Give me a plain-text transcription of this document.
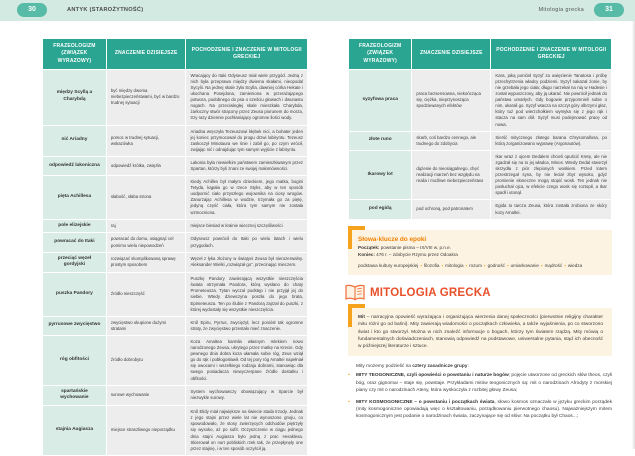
30	ANTYK (STAROŻYTNOŚĆ)	Mitologia grecka	31
FRAZEOLOGIZM (ZWIĄZEK WYRAZOWY)	ZNACZENIE DZISIEJSZE	POCHODZENIE I ZNACZENIE W MITOLOGII GRECKIEJ
między Scyllą a Charybdą	być między dwoma niebezpieczeństwami, być w bardzo trudnej sytuacji	Wracający do Itaki Odyseusz miał wiele przygód. Jedną z nich była przeprawa między dwiema skałami, nieopodal Sycylii. Na jednej skale żyła Scylla, dawniej córka Hekate i ukochana Posejdona, zamieniona w przerażającego potwora, podobnego do psa o sześciu głowach i dwunastu nogach. Na przeciwległej skale mieszkała Charybda, żarłoczny stwór strącony przez Zeusa piorunem do morza, trzy razy dziennie pochłaniający ogromne ilości wody.
nić Ariadny	pomoc w trudnej sytuacji, wskazówka	Ariadna wręczyła Tezeuszowi kłębek nici, a bohater jeden jej koniec przymocował do progu drzwi labiryntu. Tezeusz zaskoczył Minotaura we śnie i zabił go, po czym wrócił, zwijając nić i odnajdując tym samym wyjście z labiryntu.
odpowiedź lakoniczna	odpowiedź krótka, zwięzła	Lakonia była niewielkim państwem zamieszkiwanym przez Spartan, którzy byli znani ze swojej małomówności.
pięta Achillesa	słabość, słaba strona	Kiedy Achilles był małym dzieckiem, jego matka, bogini Tetyda, kąpała go w rzece Styks, aby w ten sposób uodpornić ciało przyszłego wojownika na ciosy wrogów. Zanurzając Achillesa w wodzie, trzymała go za piętę, jedyną część ciała, która tym samym nie została wzmocniona.
pole elizejskie	raj	miejsce biesiad w krainie wiecznej szczęśliwości
powracać do Itaki	powracać do domu, osiągnąć cel pomimo wielu niepowodzeń	Odyseusz powrócił do Itaki po wielu latach i wielu przygodach.
przeciąć węzeł gordyjski	rozwiązać skomplikowaną sprawę prostym sposobem	Węzeł z łyka złożony w świątyni Zeusa był nierozerwalny. Aleksander Wielki „rozwiązał go”, przecinając mieczem.
puszka Pandory	źródło nieszczęść	Puszkę Pandory zawierającą wszystkie nieszczęścia świata otrzymała Pandora, którą wysłano do chaty Prometeusza. Tytan wyczuł podstęp i nie przyjął jej do siebie. Wtedy dziewczyna poszła do jego brata, Epimeteusza. Ten po ślubie z Pandorą zajrzał do puszki, z której wydostały się wszystkie nieszczęścia.
pyrrusowe zwycięstwo	zwycięstwo okupione dużymi stratami	Król Epiru, Pyrrus, zwyciężył, lecz poniósł tak ogromne straty, że zwycięstwo przestało mieć znaczenie.
róg obfitości	źródło dobrobytu	Koza Amaltea karmiła własnym mlekiem nowo narodzonego Zeusa, ukrytego przez matkę na Krecie. Gdy pewnego dnia dobra koza ułamała sobie róg, Zeus wziął go do rąk i pobłogosławił. Od tej pory róg Amaltei napełniał się owocami i wszelkiego rodzaju dobrami, stanowiąc dla swego posiadacza niewyczerpane źródło dostatku i obfitości.
spartańskie wychowanie	surowe wychowanie	System wychowawczy obowiązujący w Sparcie był niezwykle surowy.
stajnia Augiasza	miejsce straszliwego nieporządku	Król Elidy miał największe na świecie stada trzody. Jednak z jego stajni przez wiele lat nie wynoszono gnoju, co spowodowało, że stosy zwierzęcych odchodów piętrzyły się wysoko, aż po sufit. Oczyszczenie w ciągu jednego dnia stajni Augiasza było jedną z prac Heraklesa. Skierował on nurt pobliskich rzek tak, że przepłynęły one przez stajnię, i w ten sposób oczyścił ją.
FRAZEOLOGIZM (ZWIĄZEK WYRAZOWY)	ZNACZENIE DZISIEJSZE	POCHODZENIE I ZNACZENIE W MITOLOGII GRECKIEJ
syzyfowa praca	praca bezsensowna, niekończąca się, ciężka, nieprzynosząca spodziewanych efektów	Kara, jaką poniósł Syzyf za uwięzienie Tanatosa i próbę przechytrzenia władcy podziemi. Syzyf nakazał żonie, by nie grzebała jego ciała; długo narzekał na nią w Hadesie i został wypuszczony, aby ją ukarać. Nie powrócił jednak do państwa umarłych. Gdy bogowie przypomnieli sobie o nim, ukarali go. Syzyf wtacza na szczyt góry olbrzymi głaz, który tuż pod wierzchołkiem wymyka się z jego rąk i stacza na sam dół. Syzyf musi podejmować pracę od nowa.
złote runo	skarb, coś bardzo cennego, ale trudnego do zdobycia	Sierść mitycznego złotego barana Chrysomallosa, po którą zorganizowano wyprawę (Argonautów).
Ikarowy lot	dążenie do nieosiągalnego, chęć realizacji marzeń bez względu na realia i możliwe niebezpieczeństwo	Ikar wraz z ojcem Dedalem chcieli opuścić Kretę, ale nie zgadzał się na to jej władca, Minos. Wtedy Dedal stworzył skrzydła z piór zlepionych woskiem. Przed lotem przestrzegał syna, by nie leciał zbyt wysoko, gdyż promienie słoneczne mogą stopić wosk. Ten jednak nie posłuchał ojca, w efekcie czego wosk się roztopił, a Ikar spadł i utonął.
pod egidą	pod ochroną, pod patronatem	Egida to tarcza Zeusa, która została zrobiona ze skóry kozy Amaltei.

Słowa-klucze do epoki

Początek: powstanie pisma – IX/VIII w. p.n.e.

Koniec: 476 r. – zdobycie Rzymu przez Odoakra

podstawa kultury europejskiej ▪ filozofia ▪ mitologia ▪ rozum ▪ godność ▪ umiarkowanie ▪ mądrość ▪ wiedza
MITOLOGIA GRECKA

Mit – narracyjna opowieść wyrażająca i organizująca wierzenia danej społeczności (pierwotnie religijny charakter mitu różni go od baśni). Mity zawierają wiadomości o początkach człowieka, a także wyjaśnienia, po co stworzono świat i kto go stworzył. Można w nich znaleźć informacje o bogach, którzy tym światem rządzą. Mity mówią o fundamentalnych doświadczeniach, stanowią odpowiedź na podstawowe, uniwersalne pytania, stąd ich obecność w późniejszej literaturze i sztuce.

Mity możemy podzielić na cztery zasadnicze grupy:

▪ MITY TEOGONICZNE, czyli opowieści o powstaniu i naturze bogów; pojęcie utworzone od greckich słów theos, czyli bóg, oraz gignomai – staje się, powstaje. Przykładami mitów teogonicznych są: mit o narodzinach Afrodyty z morskiej piany czy mit o narodzinach Ateny, która wyskoczyła z rozbitej głowy Zeusa;
▪ MITY KOSMOGONICZNE – o powstaniu i początkach świata, słowo kosmos oznaczało w języku greckim porządek (mity kosmogoniczne opowiadają więc o kształtowaniu, porządkowaniu pierwotnego chaosu). Najważniejszym mitem kosmogonicznym jest podanie o narodzinach świata, zaczynające się od słów: Na początku był Chaos...;
